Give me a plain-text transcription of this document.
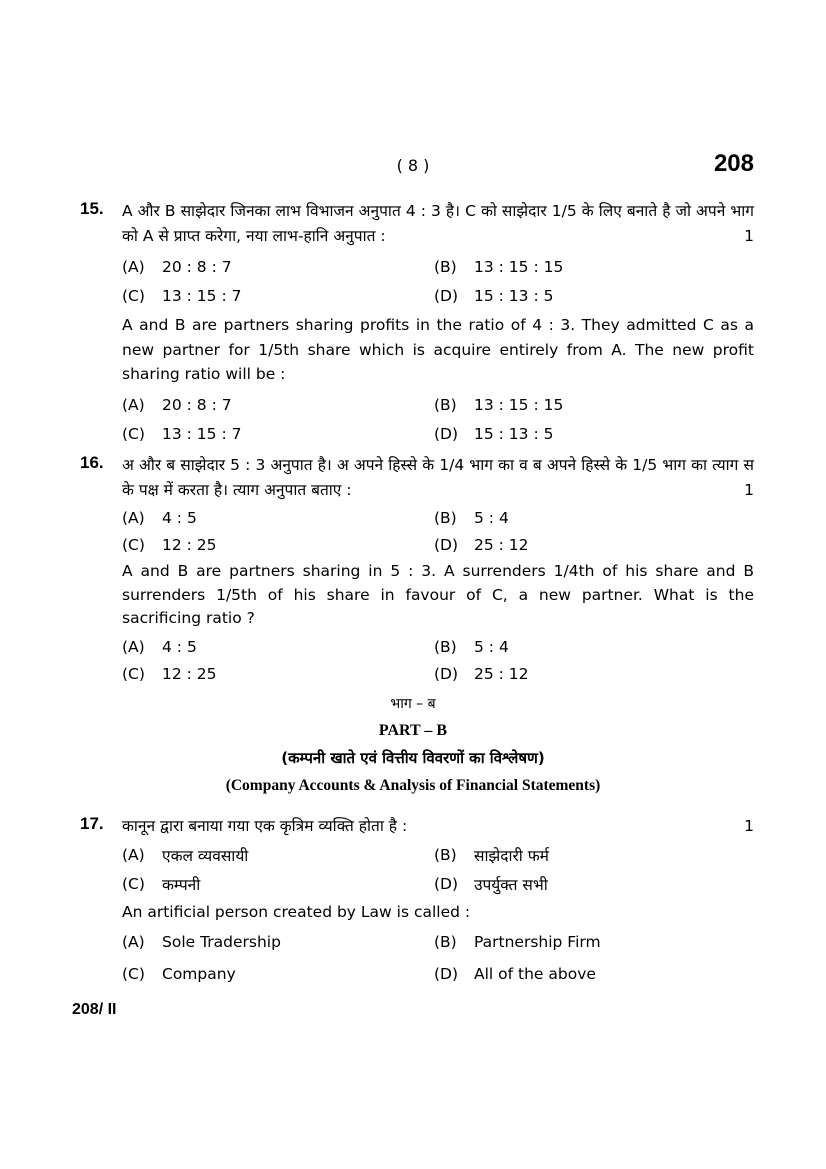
( 8 )	208
15. A और B साझेदार जिनका लाभ विभाजन अनुपात 4 : 3 है। C को साझेदार 1/5 के लिए बनाते है जो अपने भाग को A से प्राप्त करेगा, नया लाभ-हानि अनुपात :	1
(A)	20 : 8 : 7	(B)	13 : 15 : 15
(C)	13 : 15 : 7	(D)	15 : 13 : 5
A and B are partners sharing profits in the ratio of 4 : 3. They admitted C as a new partner for 1/5th share which is acquire entirely from A. The new profit sharing ratio will be :
(A)	20 : 8 : 7	(B)	13 : 15 : 15
(C)	13 : 15 : 7	(D)	15 : 13 : 5
16. अ और ब साझेदार 5 : 3 अनुपात है। अ अपने हिस्से के 1/4 भाग का व ब अपने हिस्से के 1/5 भाग का त्याग स के पक्ष में करता है। त्याग अनुपात बताए :	1
(A)	4 : 5	(B)	5 : 4
(C)	12 : 25	(D)	25 : 12
A and B are partners sharing in 5 : 3. A surrenders 1/4th of his share and B surrenders 1/5th of his share in favour of C, a new partner. What is the sacrificing ratio ?
(A)	4 : 5	(B)	5 : 4
(C)	12 : 25	(D)	25 : 12
भाग – ब
PART – B
(कम्पनी खाते एवं वित्तीय विवरणों का विश्लेषण)
(Company Accounts & Analysis of Financial Statements)
17. कानून द्वारा बनाया गया एक कृत्रिम व्यक्ति होता है :	1
(A)	एकल व्यवसायी	(B)	साझेदारी फर्म
(C)	कम्पनी	(D)	उपर्युक्त सभी
An artificial person created by Law is called :
(A)	Sole Tradership	(B)	Partnership Firm
(C)	Company	(D)	All of the above
208/ II
